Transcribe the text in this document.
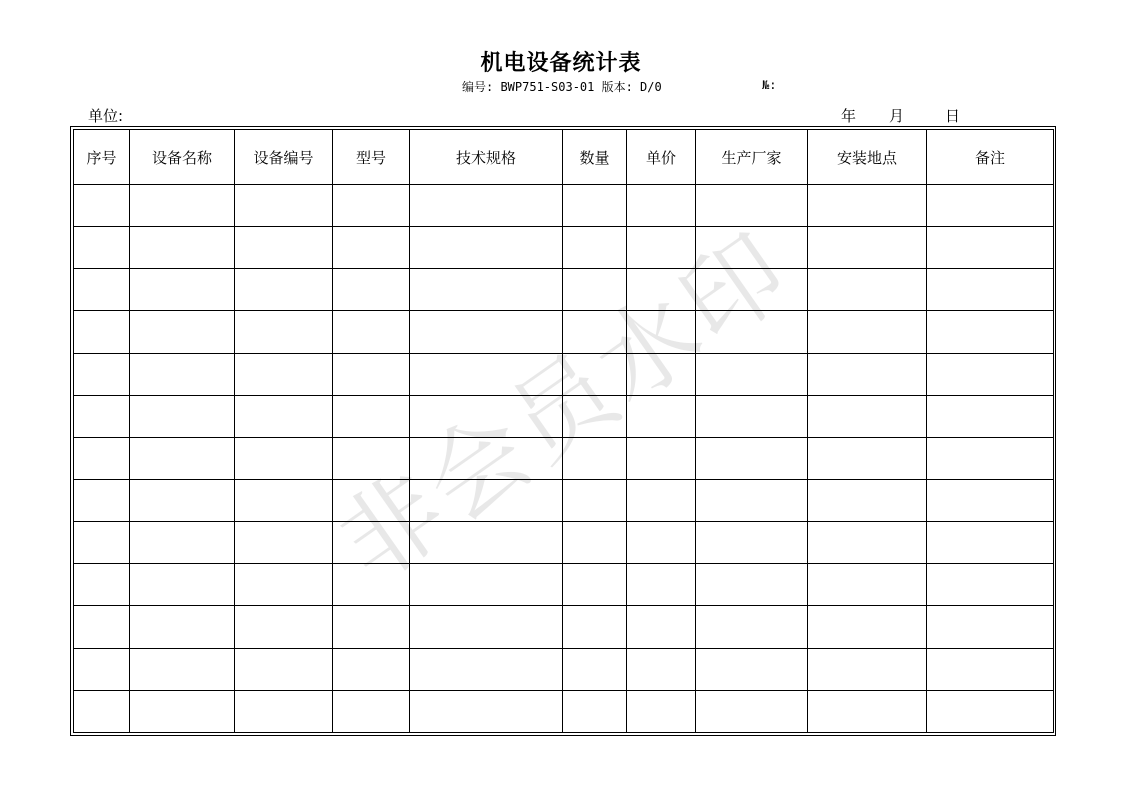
机电设备统计表
编号: BWP751-S03-01 版本: D/0	№:
单位:	年 月	日
序号	设备名称	设备编号	型号	技术规格	数量	单价	生产厂家	安装地点	备注

非会员水印
